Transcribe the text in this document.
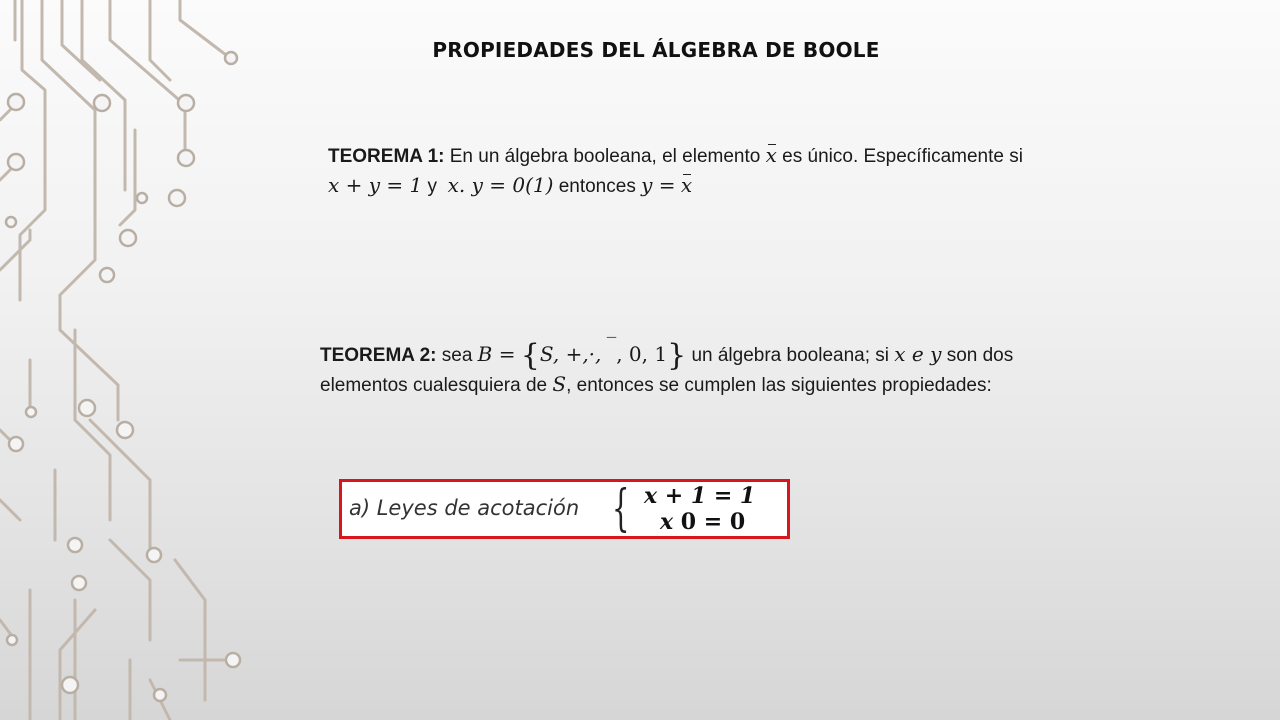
PROPIEDADES DEL ÁLGEBRA DE BOOLE
TEOREMA 1: En un álgebra booleana, el elemento x es único. Específicamente si
x + y = 1 y x. y = 0(1) entonces y = x
TEOREMA 2: sea B = {S, +,·, ‾, 0, 1} un álgebra booleana; si x e y son dos
elementos cualesquiera de S, entonces se cumplen las siguientes propiedades:
a) Leyes de acotación { x + 1 = 1
x 0 = 0
